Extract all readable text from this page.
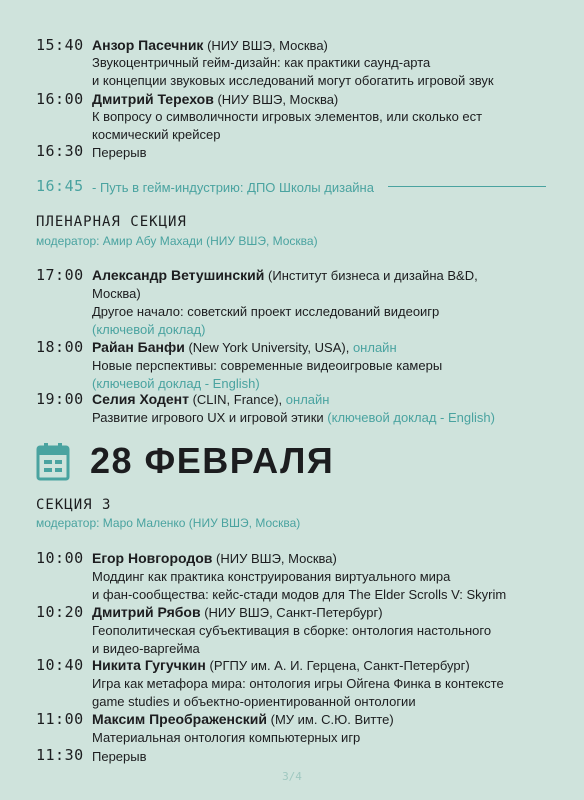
15:40 Анзор Пасечник (НИУ ВШЭ, Москва)
Звукоцентричный гейм-дизайн: как практики саунд-арта
и концепции звуковых исследований могут обогатить игровой звук
16:00 Дмитрий Терехов (НИУ ВШЭ, Москва)
К вопросу о символичности игровых элементов, или сколько ест
космический крейсер
16:30 Перерыв
16:45 - Путь в гейм-индустрию: ДПО Школы дизайна
ПЛЕНАРНАЯ СЕКЦИЯ
модератор: Амир Абу Махади (НИУ ВШЭ, Москва)
17:00 Александр Ветушинский (Институт бизнеса и дизайна B&D,
Москва)
Другое начало: советский проект исследований видеоигр
(ключевой доклад)
18:00 Райан Банфи (New York University, USA), онлайн
Новые перспективы: современные видеоигровые камеры
(ключевой доклад - English)
19:00 Селия Ходент (CLIN, France), онлайн
Развитие игрового UX и игровой этики (ключевой доклад - English)
28 ФЕВРАЛЯ
СЕКЦИЯ 3
модератор: Маро Маленко (НИУ ВШЭ, Москва)
10:00 Егор Новгородов (НИУ ВШЭ, Москва)
Моддинг как практика конструирования виртуального мира
и фан-сообщества: кейс-стади модов для The Elder Scrolls V: Skyrim
10:20 Дмитрий Рябов (НИУ ВШЭ, Санкт-Петербург)
Геополитическая субъективация в сборке: онтология настольного
и видео-варгейма
10:40 Никита Гугучкин (РГПУ им. А. И. Герцена, Санкт-Петербург)
Игра как метафора мира: онтология игры Ойгена Финка в контексте
game studies и объектно-ориентированной онтологии
11:00 Максим Преображенский (МУ им. С.Ю. Витте)
Материальная онтология компьютерных игр
11:30 Перерыв
3/4
